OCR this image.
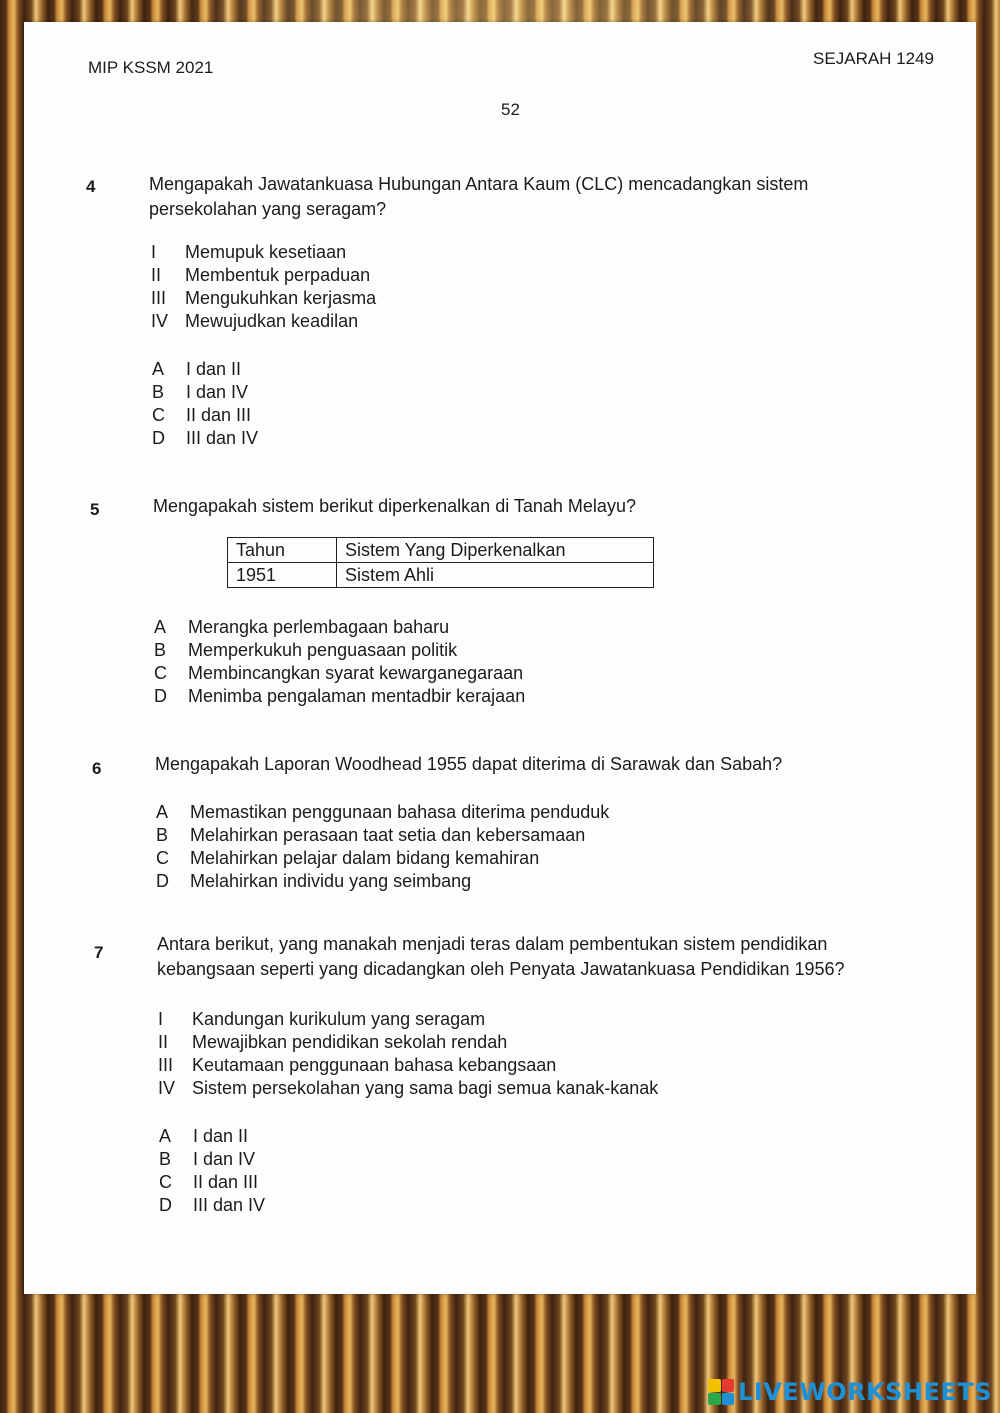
MIP KSSM 2021	SEJARAH 1249
52
4	Mengapakah Jawatankuasa Hubungan Antara Kaum (CLC) mencadangkan sistem
persekolahan yang seragam?
I Memupuk kesetiaan
II Membentuk perpaduan
III Mengukuhkan kerjasma
IV Mewujudkan keadilan
A I dan II
B I dan IV
C II dan III
D III dan IV
5	Mengapakah sistem berikut diperkenalkan di Tanah Melayu?
Tahun	Sistem Yang Diperkenalkan
1951	Sistem Ahli
A Merangka perlembagaan baharu
B Memperkukuh penguasaan politik
C Membincangkan syarat kewarganegaraan
D Menimba pengalaman mentadbir kerajaan
6	Mengapakah Laporan Woodhead 1955 dapat diterima di Sarawak dan Sabah?
A Memastikan penggunaan bahasa diterima penduduk
B Melahirkan perasaan taat setia dan kebersamaan
C Melahirkan pelajar dalam bidang kemahiran
D Melahirkan individu yang seimbang
7	Antara berikut, yang manakah menjadi teras dalam pembentukan sistem pendidikan
kebangsaan seperti yang dicadangkan oleh Penyata Jawatankuasa Pendidikan 1956?
I Kandungan kurikulum yang seragam
II Mewajibkan pendidikan sekolah rendah
III Keutamaan penggunaan bahasa kebangsaan
IV Sistem persekolahan yang sama bagi semua kanak-kanak
A I dan II
B I dan IV
C II dan III
D III dan IV
LIVEWORKSHEETS
